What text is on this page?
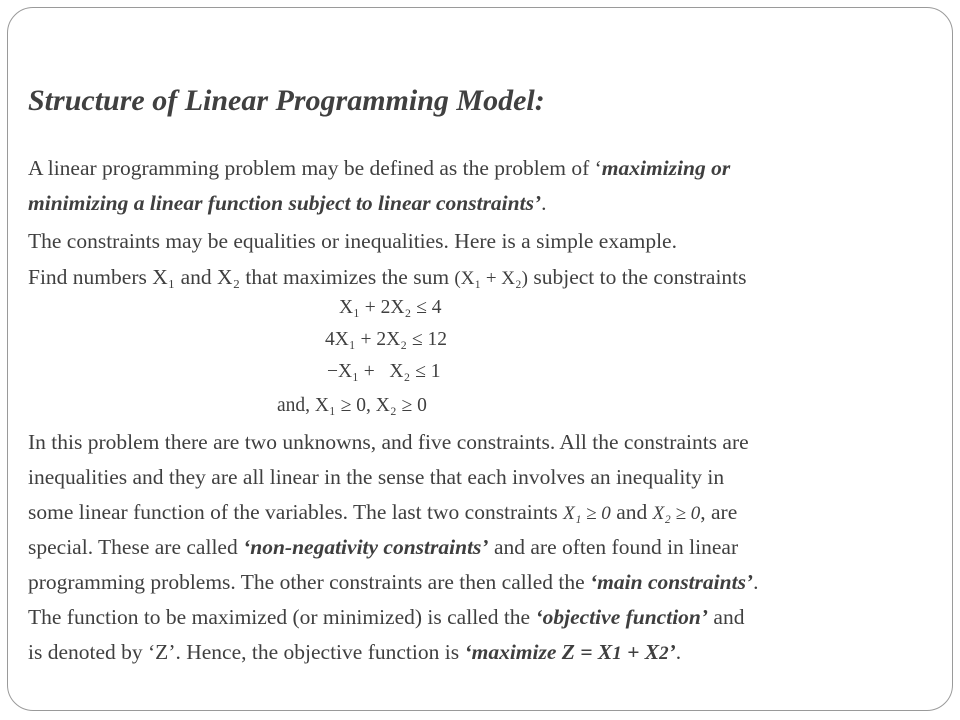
Structure of Linear Programming Model:
A linear programming problem may be defined as the problem of ‘maximizing or
minimizing a linear function subject to linear constraints’.
The constraints may be equalities or inequalities. Here is a simple example.
Find numbers X₁ and X₂ that maximizes the sum (X₁ + X₂) subject to the constraints
X₁ + 2X₂ ≤ 4
4X₁ + 2X₂ ≤ 12
−X₁ +   X₂ ≤ 1
and, X₁ ≥ 0, X₂ ≥ 0
In this problem there are two unknowns, and five constraints. All the constraints are
inequalities and they are all linear in the sense that each involves an inequality in
some linear function of the variables. The last two constraints X₁ ≥ 0 and X₂ ≥ 0, are
special. These are called ‘non-negativity constraints’ and are often found in linear
programming problems. The other constraints are then called the ‘main constraints’.
The function to be maximized (or minimized) is called the ‘objective function’ and
is denoted by ‘Z’. Hence, the objective function is ‘maximize Z = X1 + X2’.
